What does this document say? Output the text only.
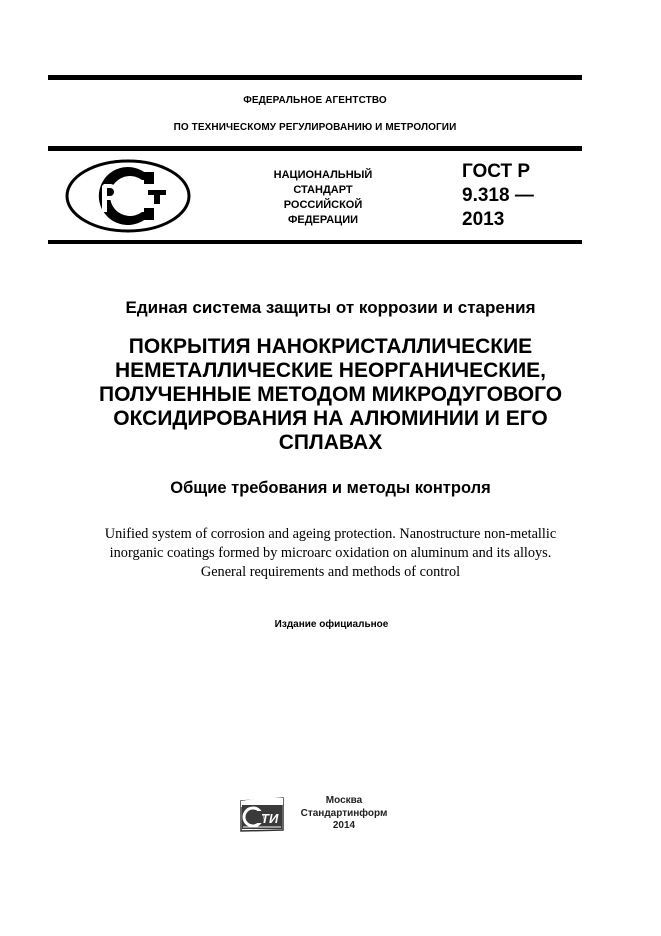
ФЕДЕРАЛЬНОЕ АГЕНТСТВО
ПО ТЕХНИЧЕСКОМУ РЕГУЛИРОВАНИЮ И МЕТРОЛОГИИ
НАЦИОНАЛЬНЫЙ
СТАНДАРТ
РОССИЙСКОЙ
ФЕДЕРАЦИИ
ГОСТ Р
9.318 —
2013
Единая система защиты от коррозии и старения
ПОКРЫТИЯ НАНОКРИСТАЛЛИЧЕСКИЕ
НЕМЕТАЛЛИЧЕСКИЕ НЕОРГАНИЧЕСКИЕ,
ПОЛУЧЕННЫЕ МЕТОДОМ МИКРОДУГОВОГО
ОКСИДИРОВАНИЯ НА АЛЮМИНИИ И ЕГО
СПЛАВАХ
Общие требования и методы контроля
Unified system of corrosion and ageing protection. Nanostructure non-metallic
inorganic coatings formed by microarc oxidation on aluminum and its alloys.
General requirements and methods of control
Издание официальное
ТИ
Москва
Стандартинформ
2014
